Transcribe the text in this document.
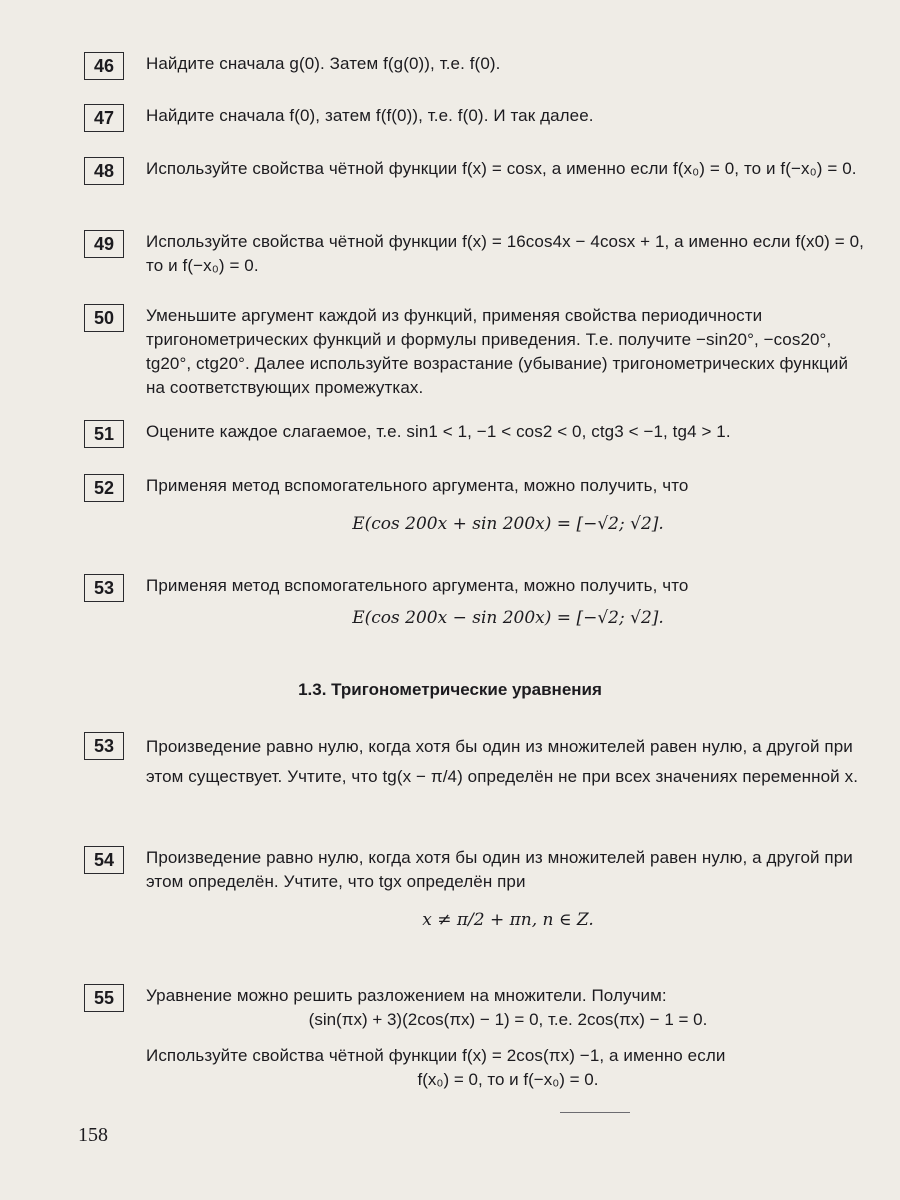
46	Найдите сначала g(0). Затем f(g(0)), т.е. f(0).
47	Найдите сначала f(0), затем f(f(0)), т.е. f(0). И так далее.
48	Используйте свойства чётной функции f(x) = cosx, а именно если f(x₀) = 0, то и f(−x₀) = 0.
49	Используйте свойства чётной функции f(x) = 16cos4x − 4cosx + 1, а именно если f(x0) = 0, то и f(−x₀) = 0.
50	Уменьшите аргумент каждой из функций, применяя свойства периодичности тригонометрических функций и формулы приведения. Т.е. получите −sin20°, −cos20°, tg20°, ctg20°. Далее используйте возрастание (убывание) тригонометрических функций на соответствующих промежутках.
51	Оцените каждое слагаемое, т.е. sin1 < 1, −1 < cos2 < 0, ctg3 < −1, tg4 > 1.
52	Применяя метод вспомогательного аргумента, можно получить, что
E(cos 200x + sin 200x) = [−√2; √2].
53	Применяя метод вспомогательного аргумента, можно получить, что
E(cos 200x − sin 200x) = [−√2; √2].
1.3. Тригонометрические уравнения
53	Произведение равно нулю, когда хотя бы один из множителей равен нулю, а другой при этом существует. Учтите, что tg(x − π/4) определён не при всех значениях переменной x.
54	Произведение равно нулю, когда хотя бы один из множителей равен нулю, а другой при этом определён. Учтите, что tgx определён при
x ≠ π/2 + πn, n ∈ Z.
55	Уравнение можно решить разложением на множители. Получим:
(sin(πx) + 3)(2cos(πx) − 1) = 0, т.е. 2cos(πx) − 1 = 0.
Используйте свойства чётной функции f(x) = 2cos(πx) −1, а именно если
f(x₀) = 0, то и f(−x₀) = 0.
158
